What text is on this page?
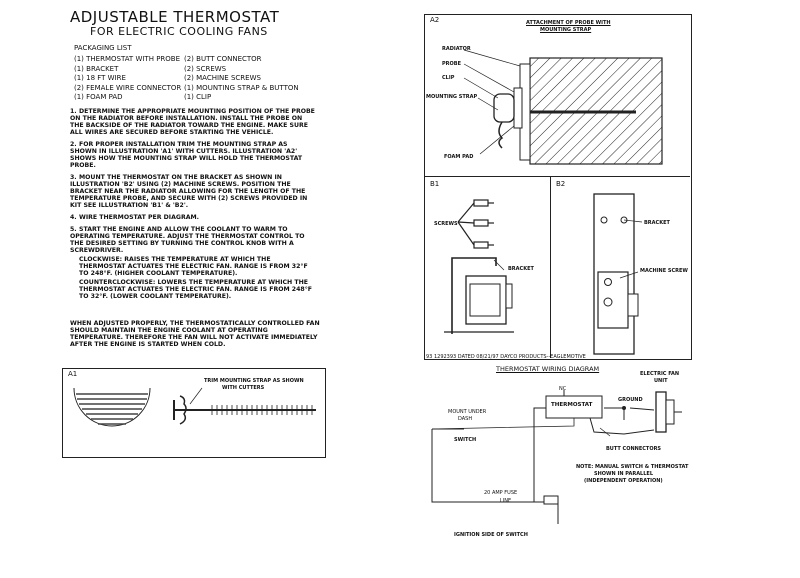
ADJUSTABLE THERMOSTAT
FOR ELECTRIC COOLING FANS
PACKAGING LIST
(1) THERMOSTAT WITH PROBE
(1) BRACKET
(1) 18 FT WIRE
(2) FEMALE WIRE CONNECTOR
(1) FOAM PAD
(2) BUTT CONNECTOR
(2) SCREWS
(2) MACHINE SCREWS
(1) MOUNTING STRAP & BUTTON
(1) CLIP

1. DETERMINE THE APPROPRIATE MOUNTING POSITION OF THE PROBE ON THE RADIATOR BEFORE INSTALLATION. INSTALL THE PROBE ON THE BACKSIDE OF THE RADIATOR TOWARD THE ENGINE. MAKE SURE ALL WIRES ARE SECURED BEFORE STARTING THE VEHICLE.

2. FOR PROPER INSTALLATION TRIM THE MOUNTING STRAP AS SHOWN IN ILLUSTRATION 'A1' WITH CUTTERS. ILLUSTRATION 'A2' SHOWS HOW THE MOUNTING STRAP WILL HOLD THE THERMOSTAT PROBE.

3. MOUNT THE THERMOSTAT ON THE BRACKET AS SHOWN IN ILLUSTRATION 'B2' USING (2) MACHINE SCREWS. POSITION THE BRACKET NEAR THE RADIATOR ALLOWING FOR THE LENGTH OF THE TEMPERATURE PROBE, AND SECURE WITH (2) SCREWS PROVIDED IN KIT SEE ILLUSTRATION 'B1' & 'B2'.

4. WIRE THERMOSTAT PER DIAGRAM.

5. START THE ENGINE AND ALLOW THE COOLANT TO WARM TO OPERATING TEMPERATURE. ADJUST THE THERMOSTAT CONTROL TO THE DESIRED SETTING BY TURNING THE CONTROL KNOB WITH A SCREWDRIVER.
CLOCKWISE: RAISES THE TEMPERATURE AT WHICH THE THERMOSTAT ACTUATES THE ELECTRIC FAN. RANGE IS FROM 32°F TO 248°F. (HIGHER COOLANT TEMPERATURE).
COUNTERCLOCKWISE: LOWERS THE TEMPERATURE AT WHICH THE THERMOSTAT ACTUATES THE ELECTRIC FAN. RANGE IS FROM 248°F TO 32°F. (LOWER COOLANT TEMPERATURE).

WHEN ADJUSTED PROPERLY, THE THERMOSTATICALLY CONTROLLED FAN SHOULD MAINTAIN THE ENGINE COOLANT AT OPERATING TEMPERATURE. THEREFORE THE FAN WILL NOT ACTIVATE IMMEDIATELY AFTER THE ENGINE IS STARTED WHEN COLD.
A1
TRIM MOUNTING STRAP AS SHOWN
WITH CUTTERS
A2	ATTACHMENT OF PROBE WITH
MOUNTING STRAP
RADIATOR
PROBE
CLIP
MOUNTING STRAP
FOAM PAD
B1
SCREWS
BRACKET
B2
BRACKET
MACHINE SCREW
93 1292393 DATED 08/21/97 DAYCO PRODUCTS--EAGLEMOTIVE
THERMOSTAT WIRING DIAGRAM
THERMOSTAT
NC
ELECTRIC FAN
UNIT
GROUND
MOUNT UNDER
DASH
SWITCH
BUTT CONNECTORS
NOTE: MANUAL SWITCH & THERMOSTAT
SHOWN IN PARALLEL
(INDEPENDENT OPERATION)
20 AMP FUSE
LINE
IGNITION SIDE OF SWITCH
